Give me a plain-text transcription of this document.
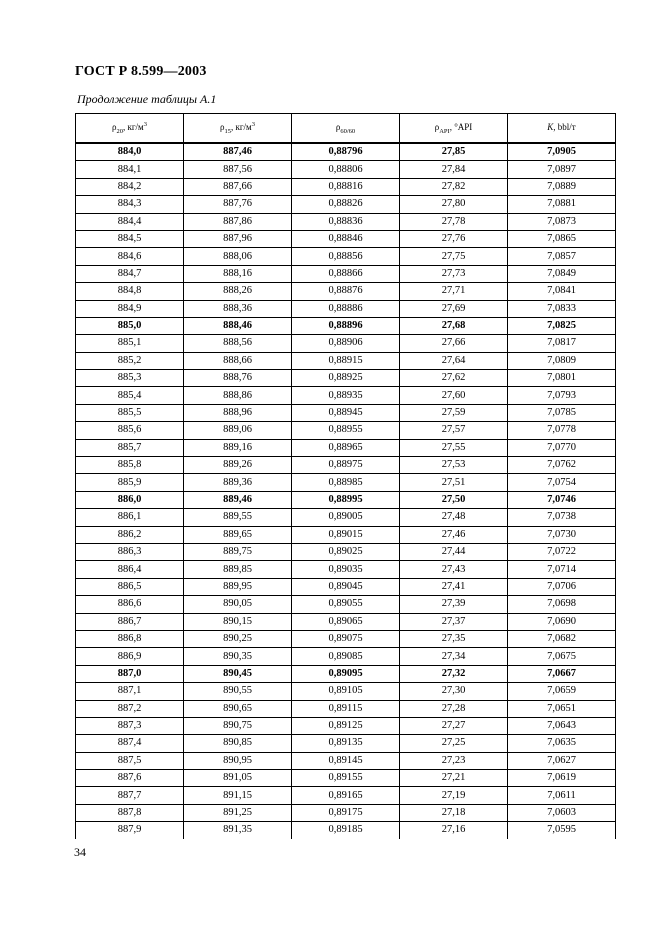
ГОСТ Р 8.599—2003
Продолжение таблицы А.1
$\rho_{20}$, $кг/м^3$	$\rho_{15}$, $кг/м^3$	$\rho_{60/60}$	$\rho_{API}$, °API	K, bbl/т
884,0	887,46	0,88796	27,85	7,0905
884,1	887,56	0,88806	27,84	7,0897
884,2	887,66	0,88816	27,82	7,0889
884,3	887,76	0,88826	27,80	7,0881
884,4	887,86	0,88836	27,78	7,0873
884,5	887,96	0,88846	27,76	7,0865
884,6	888,06	0,88856	27,75	7,0857
884,7	888,16	0,88866	27,73	7,0849
884,8	888,26	0,88876	27,71	7,0841
884,9	888,36	0,88886	27,69	7,0833
885,0	888,46	0,88896	27,68	7,0825
885,1	888,56	0,88906	27,66	7,0817
885,2	888,66	0,88915	27,64	7,0809
885,3	888,76	0,88925	27,62	7,0801
885,4	888,86	0,88935	27,60	7,0793
885,5	888,96	0,88945	27,59	7,0785
885,6	889,06	0,88955	27,57	7,0778
885,7	889,16	0,88965	27,55	7,0770
885,8	889,26	0,88975	27,53	7,0762
885,9	889,36	0,88985	27,51	7,0754
886,0	889,46	0,88995	27,50	7,0746
886,1	889,55	0,89005	27,48	7,0738
886,2	889,65	0,89015	27,46	7,0730
886,3	889,75	0,89025	27,44	7,0722
886,4	889,85	0,89035	27,43	7,0714
886,5	889,95	0,89045	27,41	7,0706
886,6	890,05	0,89055	27,39	7,0698
886,7	890,15	0,89065	27,37	7,0690
886,8	890,25	0,89075	27,35	7,0682
886,9	890,35	0,89085	27,34	7,0675
887,0	890,45	0,89095	27,32	7,0667
887,1	890,55	0,89105	27,30	7,0659
887,2	890,65	0,89115	27,28	7,0651
887,3	890,75	0,89125	27,27	7,0643
887,4	890,85	0,89135	27,25	7,0635
887,5	890,95	0,89145	27,23	7,0627
887,6	891,05	0,89155	27,21	7,0619
887,7	891,15	0,89165	27,19	7,0611
887,8	891,25	0,89175	27,18	7,0603
887,9	891,35	0,89185	27,16	7,0595
34
